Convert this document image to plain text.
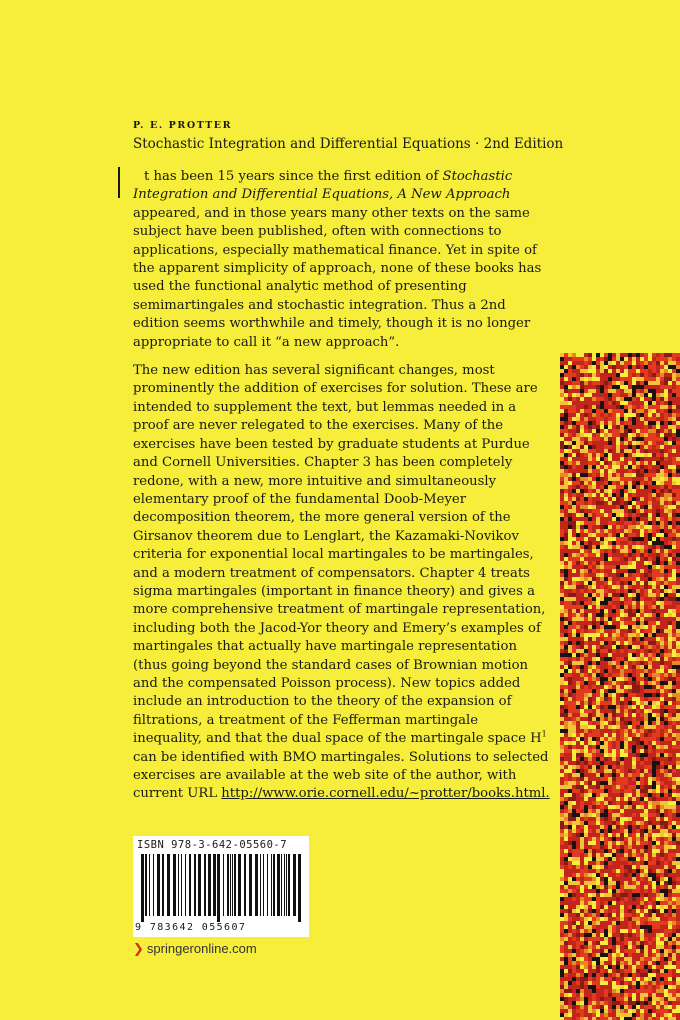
P. E. PROTTER
Stochastic Integration and Differential Equations · 2nd Edition

t has been 15 years since the first edition of Stochastic Integration and Differential Equations, A New Approach appeared, and in those years many other texts on the same subject have been published, often with connections to applications, especially mathematical finance. Yet in spite of the apparent simplicity of approach, none of these books has used the functional analytic method of presenting semimartingales and stochastic integration. Thus a 2nd edition seems worthwhile and timely, though it is no longer appropriate to call it “a new approach”.

The new edition has several significant changes, most prominently the addition of exercises for solution. These are intended to supplement the text, but lemmas needed in a proof are never relegated to the exercises. Many of the exercises have been tested by graduate students at Purdue and Cornell Universities. Chapter 3 has been completely redone, with a new, more intuitive and simultaneously elementary proof of the fundamental Doob-Meyer decomposition theorem, the more general version of the Girsanov theorem due to Lenglart, the Kazamaki-Novikov criteria for exponential local martingales to be martingales, and a modern treatment of compensators. Chapter 4 treats sigma martingales (important in finance theory) and gives a more comprehensive treatment of martingale representation, including both the Jacod-Yor theory and Emery’s examples of martingales that actually have martingale representation (thus going beyond the standard cases of Brownian motion and the compensated Poisson process). New topics added include an introduction to the theory of the expansion of filtrations, a treatment of the Fefferman martingale inequality, and that the dual space of the martingale space $H^1$ can be identified with BMO martingales. Solutions to selected exercises are available at the web site of the author, with current URL http://www.orie.cornell.edu/~protter/books.html.

ISBN 978-3-642-05560-7
9 783642 055607
❯ springeronline.com
